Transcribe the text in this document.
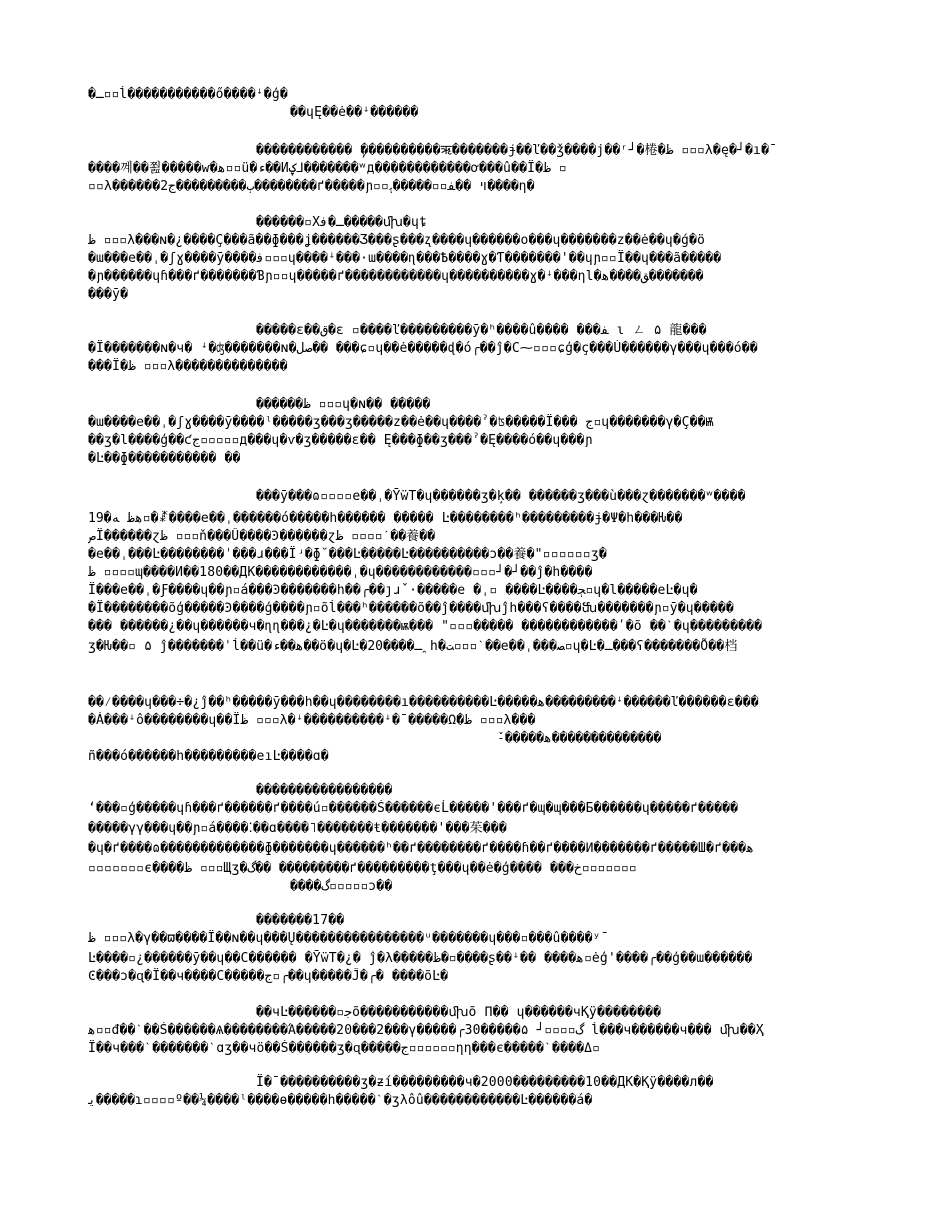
�ـ▫▫ĺ�����������ő����ꜜ�ģ�
��ɥĘ��ė��ꜜ������
������������ ̦����������ऋ�������ɉ��ľ��ǯ����j��ʳ┘�棬�ظ ▫▫▫λ�ę�┘�ı�ˉ
����꼐��쬞�����ⱳ�ﻫ▫▫ü�ﺀ��Иؼ⅃�������ʷд������������ơ���û��Ï�ظ ▫
▫▫λ������ٻ���������ج2��������ґ�����ɲ▫▫ױ ��ﻔ▫▫�����ﮨ����ƞ�
������▫Xـ�ﻓ�����ﬗ�ɥȶ
ظ ▫▫▫λ���ɴ�¿����Ç���ã��ɸ���ʝ������Ʒ���ʂ���ʐ����ɥ������o���ɥ�������z��ė��ɥ�ǵ�ö
�ɯ���e��ˌ�ʃɣ����ȳ����ﻓ▫▫▫ɥ����ꜜ���·ɯ����ɳ���Ѣ����ɣ�Ƭ�������'��ɥɲ▫▫Ï��ɥ���ã�����
�ɲ������ɥɦ���ґ�������Ɓɲ▫▫ɥ�����ґ������������ɥ����������ɣ�ꜜ���ƞl�ﻖ����ﻫ�������
���ȳ�
�����ɛ��ﻕ�ɛ ▫����ľ���������ȳ�ʰ����û���� ���ﻔ ɩ ㄥ ۵ 龍���
�Ï�������ɴ�ч� ꜜ�ʤ�������ɴ�صل�� ���ɕ▫ɥ��ė�����ɖ�ó╭��ĵ�C⁓▫▫▫ɕģ�ç���Ú������γ���ɥ���ó��
���Ï�ظ ▫▫▫λ��������������
������ظ ▫▫▫ɥ�ɴ�� �����
�ɯ����e��ˌ�ʃɣ����ȳ����ˡ�����ʒ���ʒ�����z��ė��ɥ����ˀ�ʦ�����Ï��� ج▫ɥ�������γ�Ç��Ѭ
��ʒ�l����ģ��ƈج▫▫▫▫▫д���ɥ�ⱱ�ʒ�����ɛ�� Ę���ɸ��ʒ���ˀ�Ę����ó��ɥ���ɲ
�Ŀ��ɸ����������� ��
���ȳ���ɷ▫▫▫▫e��ˌ�ȲẅT�ɥ������ʒ�ķ�� ������ʒ���ù���ɀ�������ʷ����
19�ﻫظ ﻪ▫�ꊨ����e��ˌ������ó�����h������ ����� Ŀ��������ʰ���������ɉ�Ψ�h���Ƕ��
صЇ������ɀظ ▫▫▫ň���Û����Ͽ������ɀظ ▫▫▫▫ˊ��養��
�e��ˌ���Ŀ��������ˈ���ɹ���Ïʴ�ɸ˘���Ŀ�����Ŀ����������ɔ��養�"▫▫▫▫▫▫ʒ�
ظ ▫▫▫▫ɰ����И��180��ДК������������ˌ�ɥ������������▫▫▫┘�┘��ĵ�h����
Ï���e��ˌ�Ƒ����ɥ��ɲ▫á���Ͽ�������h��╭��ȷɹˇ·�����e �ˌ▫ ����Ŀ����ﭵ▫ɥ�l�����eĿ�ɥ�
�Ï��������õģ�����Ͽ����ģ����ɲ▫õĺ���ʰ������õ��ĵ����ﬗĵh���ʕ����ﬓ�������ɲ▫ȳ�ɥ�����
��� ������¿��ɥ������ч�ɳɳ���¿�Ŀ�ɥ�������ѭ��� "▫▫▫����� ������������ʹ�õ ��ˋ�ɥ���������
ʒ�Ƕ��▫ ۵ ĵ�������ˈĺ��ü�ﻫ��ﺀ��ö�ɥ�Ŀ�ـ����20ꞈh�ﺖ▫▫▫ˋ��e��ˌ���ﺼ▫ɥ�Ŀ�ـ���ʕ�������Ȭ��档
��⁄����ɥ���÷�¿ĵ��ʰ�����ȳ���h��ɥ��������ı����������Ŀ�����ﻫ���������ꜜ������ľ������ɛ���
�Á���ꜜô��������ɥ��Ïظ ▫▫▫λ�ꜜ����������ꜜ�ˉ�����Ωَ�ظ ▫▫▫λ���
ٚ˗�����ﻫ��������������
ñ���ó������h���������eıĿ����ɑ�
�����������������
ʻ���▫ģ�����ɥɦ���ґ������ґ����ú▫������Ś������єĹ�����'���ґ�ɰ�ɰ���Ƃ������ɥ�����ґ�����
�����γγ���ɥ��ɲ▫á����⁚��ɑ����˥�������ŧ�������'���茱���
�ɥ�ґ����ɷ�������������ɸ�������ɥ������ʰ��ґ��������ґ����ɦ��ґ����Ͷ�������ґ�����Ш�ґ���ﻫ
▫▫▫▫▫▫▫є����ظ ▫▫▫Щʒ�ﮒ�� ���������ґ���������ţ���ɥ��ė�ģ���� ���خ▫▫▫▫▫▫▫
����ﮒ▫▫▫▫▫ɔ��
�������17��
ظ ▫▫▫λ�γ��ϖ����Ï��ɴ��ɥ���Ų����������������ᵘ�������ɥ���▫���û����ʸˉ
Ŀ����▫¿������ȳ��ɥ��C������ �ȲẅT�¿� ĵ�λ�����ﻅ�▫����ʂ��ꜜ�� ����ﻫ▫ėģ'����╭��ģ��ɯ������
Ͼ���ɔ�ɋ�Ï��ч����C�����ج▫╭��ɥ�����Ĵ�╭� ����õĿ�
��ч͏Ŀ������▫ﺟõ�����������ﬗõ Π�� ɥ������чҚÿ��������
ﻫ▫▫đ��ˋ��Ś������Ѧ��������Ά�����20���2���γ�����╭30�����ﮒ▫▫▫▫┘ ۵ ĺ���ч������ч��� ﬗ��Ҳ
Ï��ч���ˋ�������ˋɑʒ��чö��Ś������ʒ�ɋ�����ج▫▫▫▫▫▫ƞƞ���є�����ˋ����Δ▫
Ï�ˉ����������ʒ�ƶí���������ч�2000���������10��ДК�Қÿ����л��
ﻳ�����ɿ▫▫▫▫º��¼����ˡ����ɵ�����h�����ˋ�ʒλôû������������Ŀ������á�
